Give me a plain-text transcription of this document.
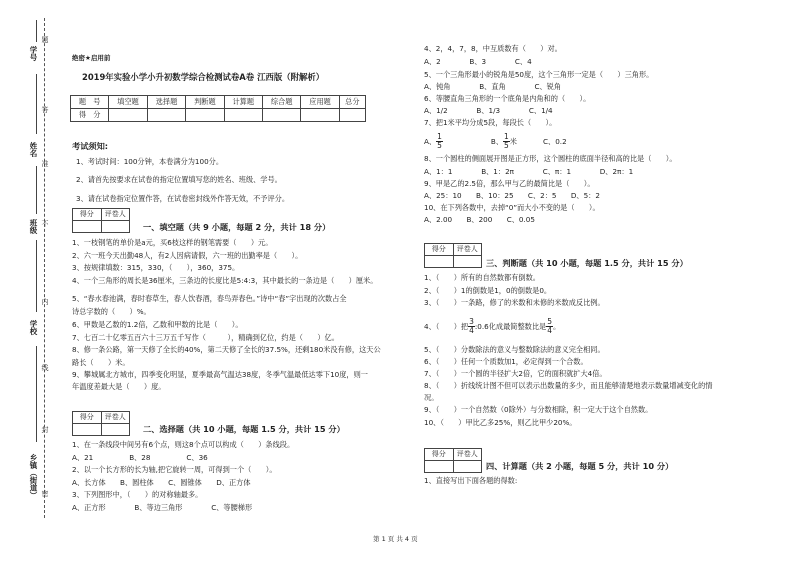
学号
姓名
班级
学校
乡镇（街道）
题
答
准
不
内
线
封
密
绝密★启用前
2019年实验小学小升初数学综合检测试卷A卷 江西版（附解析）
题　号	填空题	选择题	判断题	计算题	综合题	应用题	总分
得　分							
考试须知:
1、考试时间：100分钟，本卷满分为100分。
2、请首先按要求在试卷的指定位置填写您的姓名、班级、学号。
3、请在试卷指定位置作答，在试卷密封线外作答无效，不予评分。
得分	评卷人
一、填空题（共 9 小题，每题 2 分，共计 18 分）
1、一枝钢笔的单价是a元，买6枝这样的钢笔需要（　　）元。
2、六一班今天出勤48人，有2人因病请假，六一班的出勤率是（　　）。
3、按规律填数：315，330，（　　），360，375。
4、一个三角形的周长是36厘米，三条边的长度比是5:4:3，其中最长的一条边是（　　）厘米。
5、“春水春池满，春时春草生，春人饮春酒，春鸟弄春色。”诗中“春”字出现的次数占全
诗总字数的（　　）%。
6、甲数是乙数的1.2倍，乙数和甲数的比是（　　）。
7、七百二十亿零五百六十三万五千写作（　　　），精确到亿位，约是（　　）亿。
8、修一条公路，第一天修了全长的40%，第二天修了全长的37.5%，还剩180米没有修，这天公
路长（　　）米。
9、攀城属北方城市，四季变化明显，夏季最高气温达38度，冬季气温最低达零下10度，则一
年温度差最大是（　　）度。
得分	评卷人
二、选择题（共 10 小题，每题 1.5 分，共计 15 分）
1、在一条线段中间另有6个点，则这8个点可以构成（　　）条线段。
A、21　　　　　B、28　　　　　C、36
2、以一个长方形的长为轴,把它旋转一周，可得到一个（　　）。
A、长方体　　B、圆柱体　　C、圆锥体　　D、正方体
3、下列图形中，（　　）的对称轴最多。
A、正方形　　　　B、等边三角形　　　　C、等腰梯形
4、2，4，7，8，中互质数有（　　）对。
A、2　　　　B、3　　　　C、4
5、一个三角形最小的锐角是50度，这个三角形一定是（　　）三角形。
A、钝角　　　　B、直角　　　　C、锐角
6、等腰直角三角形的一个底角是内角和的（　　）。
A、1/2　　　　B、1/3　　　　C、1/4
7、把1米平均分成5段，每段长（　　）。
A、 $\frac{1}{5}$	B、 $\frac{1}{5}$ 米	C、0.2
8、一个圆柱的侧面展开图是正方形，这个圆柱的底面半径和高的比是（　　）。
A、1：1　　　　B、1：2π　　　　C、π：1　　　　D、2π：1
9、甲是乙的2.5倍，那么甲与乙的最简比是（　　）。
A、25：10　　B、10：25　　C、2：5　　D、5：2
10、在下列各数中，去掉“0”而大小不变的是（　　）。
A、2.00　　B、200　　C、0.05
得分	评卷人
三、判断题（共 10 小题，每题 1.5 分，共计 15 分）
1、（　　）所有的自然数都有倒数。
2、（　　）1的倒数是1，0的倒数是0。
3、（　　）一条路，修了的米数和未修的米数成反比例。
4、（　　）把 $\frac{3}{4}$ :0.6化成最简整数比是 $\frac{5}{4}$ 。
5、（　　）分数除法的意义与整数除法的意义完全相同。
6、（　　）任何一个质数加1，必定得到一个合数。
7、（　　）一个圆的半径扩大2倍，它的面积就扩大4倍。
8、（　　）折线统计图不但可以表示出数量的多少，而且能够清楚地表示数量增减变化的情
况。
9、（　　）一个自然数（0除外）与分数相除，积一定大于这个自然数。
10、（　　）甲比乙多25%，则乙比甲少20%。
得分	评卷人
四、计算题（共 2 小题，每题 5 分，共计 10 分）
1、直接写出下面各题的得数:
第 1 页 共 4 页
